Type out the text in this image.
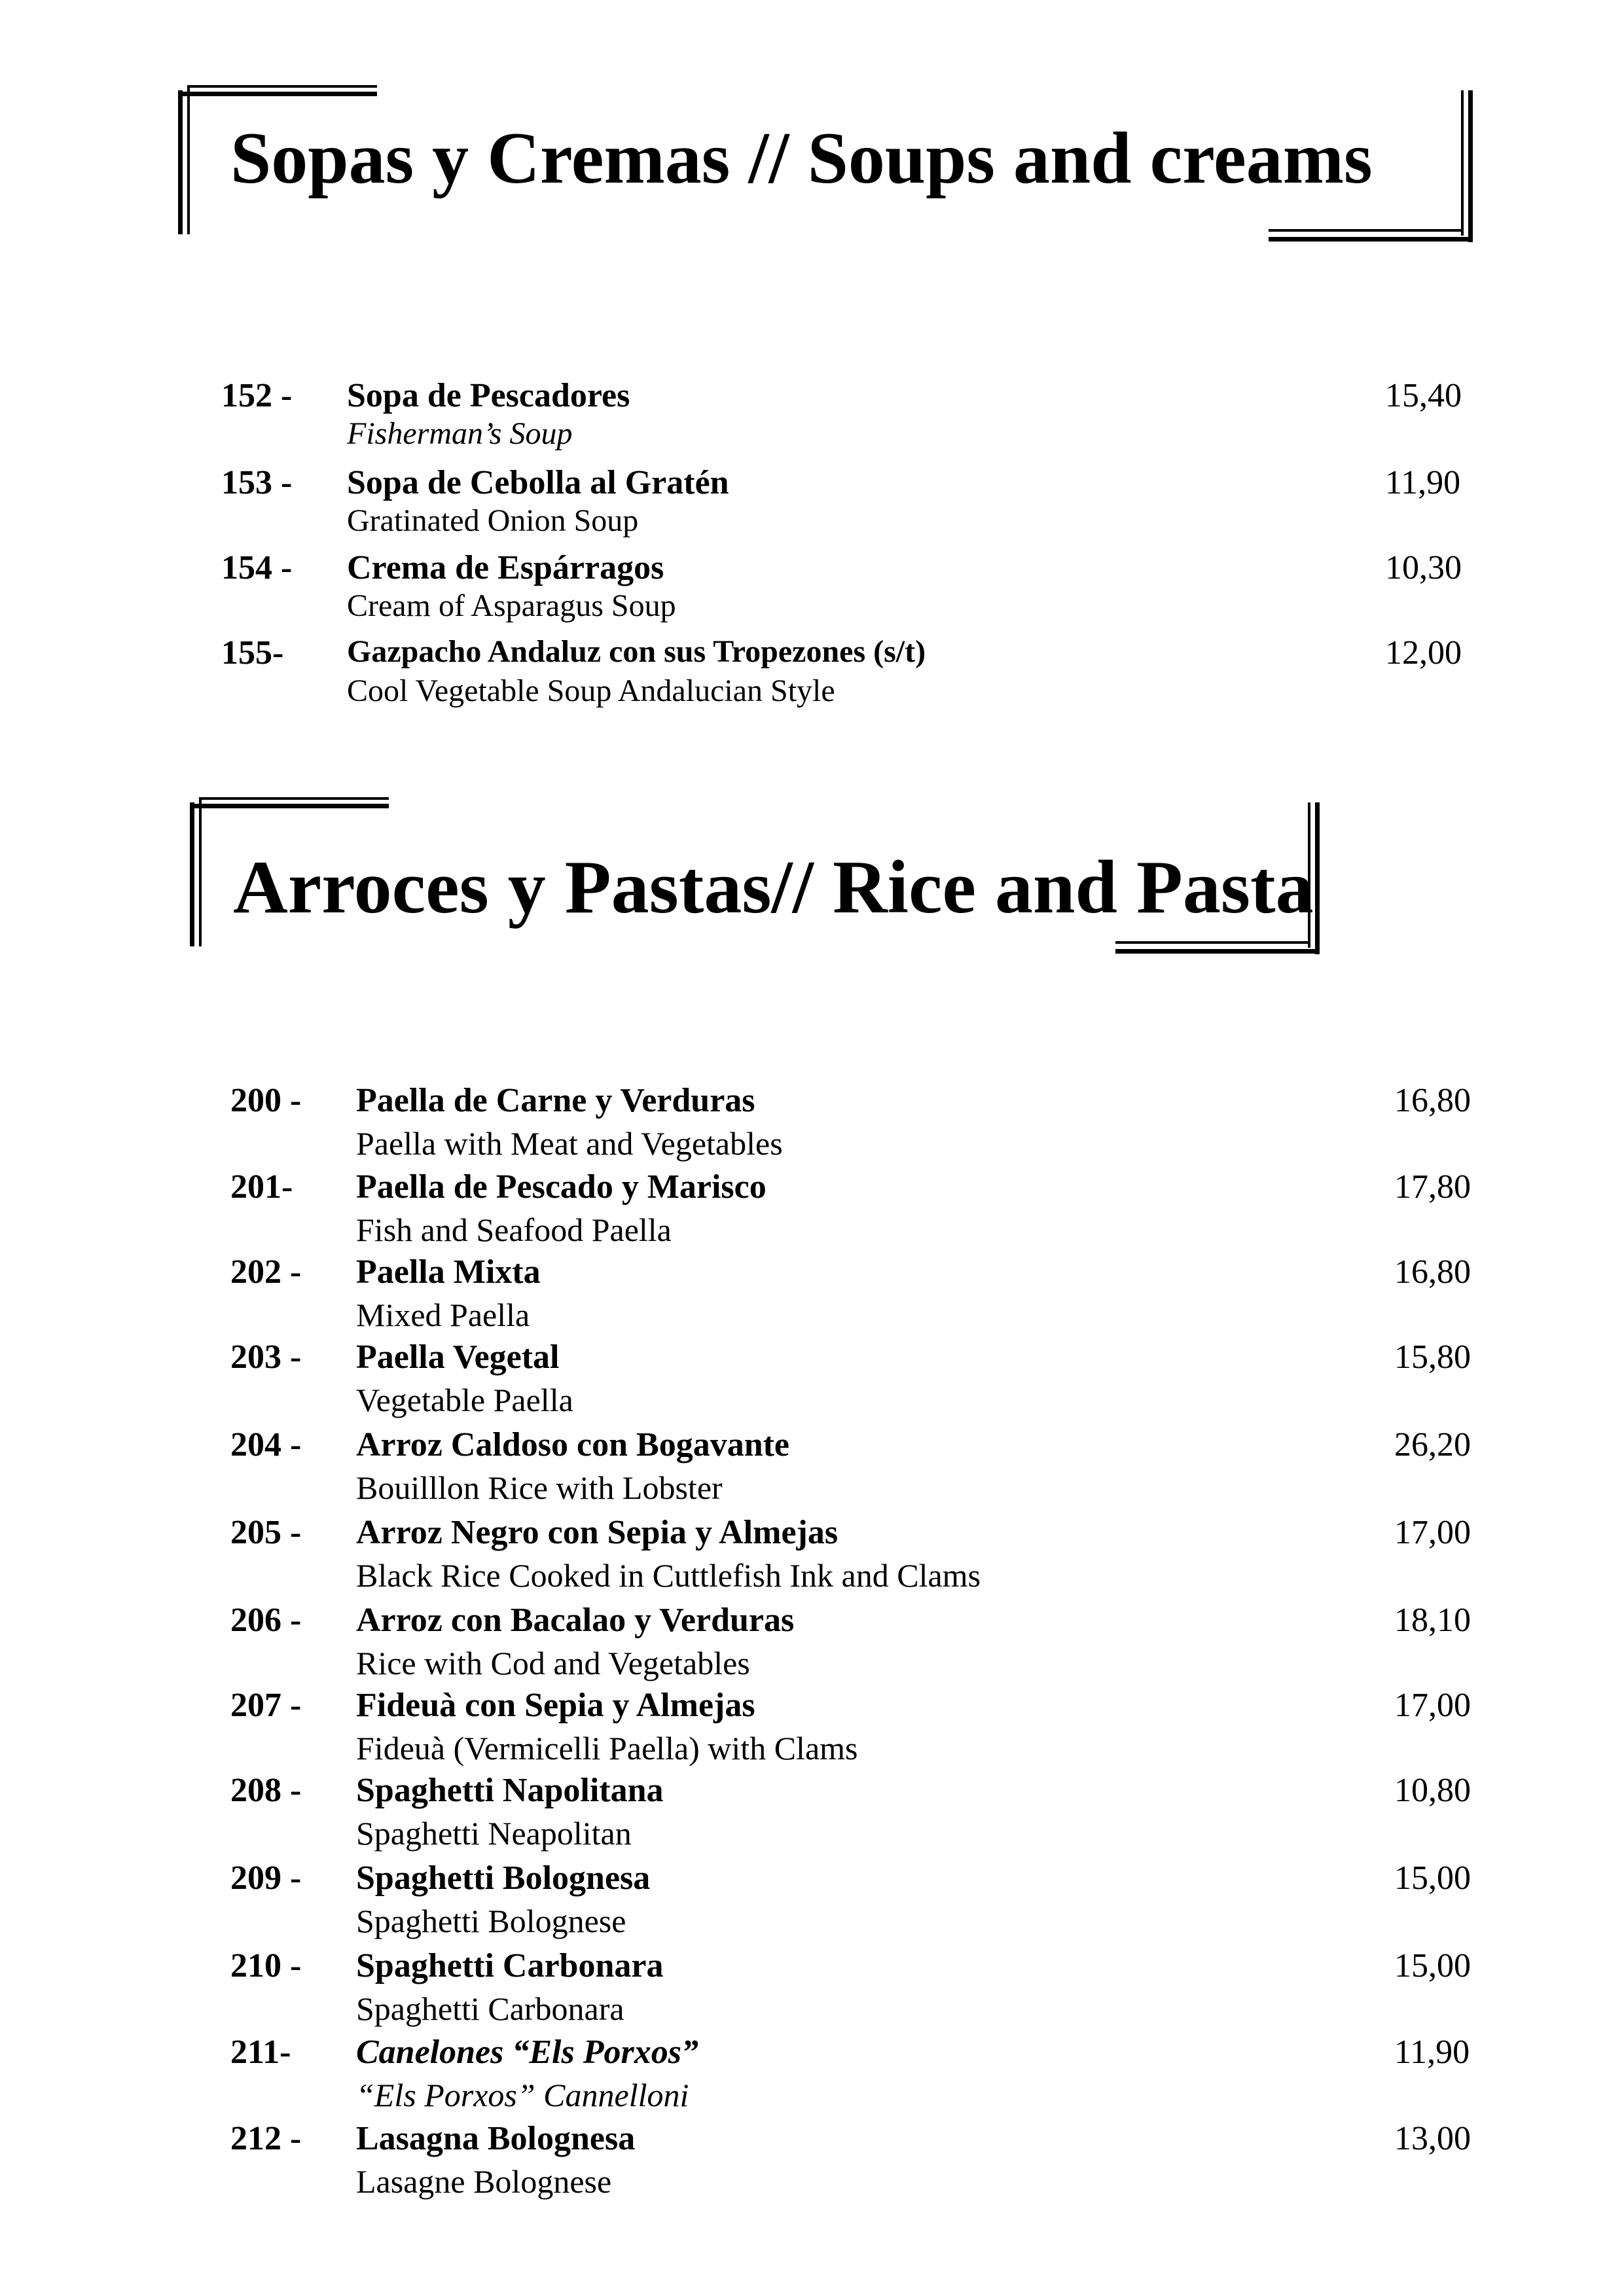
Sopas y Cremas // Soups and creams
152 - Sopa de Pescadores
Fisherman’s Soup
15,40
153 - Sopa de Cebolla al Gratén
Gratinated Onion Soup
11,90
154 - Crema de Espárragos
Cream of Asparagus Soup
10,30
155- Gazpacho Andaluz con sus Tropezones (s/t)
Cool Vegetable Soup Andalucian Style
12,00
Arroces y Pastas// Rice and Pasta
200 - Paella de Carne y Verduras
Paella with Meat and Vegetables
16,80
201- Paella de Pescado y Marisco
Fish and Seafood Paella
17,80
202 - Paella Mixta
Mixed Paella
16,80
203 - Paella Vegetal
Vegetable Paella
15,80
204 - Arroz Caldoso con Bogavante
Bouilllon Rice with Lobster
26,20
205 - Arroz Negro con Sepia y Almejas
Black Rice Cooked in Cuttlefish Ink and Clams
17,00
206 - Arroz con Bacalao y Verduras
Rice with Cod and Vegetables
18,10
207 - Fideuà con Sepia y Almejas
Fideuà (Vermicelli Paella) with Clams
17,00
208 - Spaghetti Napolitana
Spaghetti Neapolitan
10,80
209 - Spaghetti Bolognesa
Spaghetti Bolognese
15,00
210 - Spaghetti Carbonara
Spaghetti Carbonara
15,00
211- Canelones “Els Porxos”
“Els Porxos” Cannelloni
11,90
212 - Lasagna Bolognesa
Lasagne Bolognese
13,00
